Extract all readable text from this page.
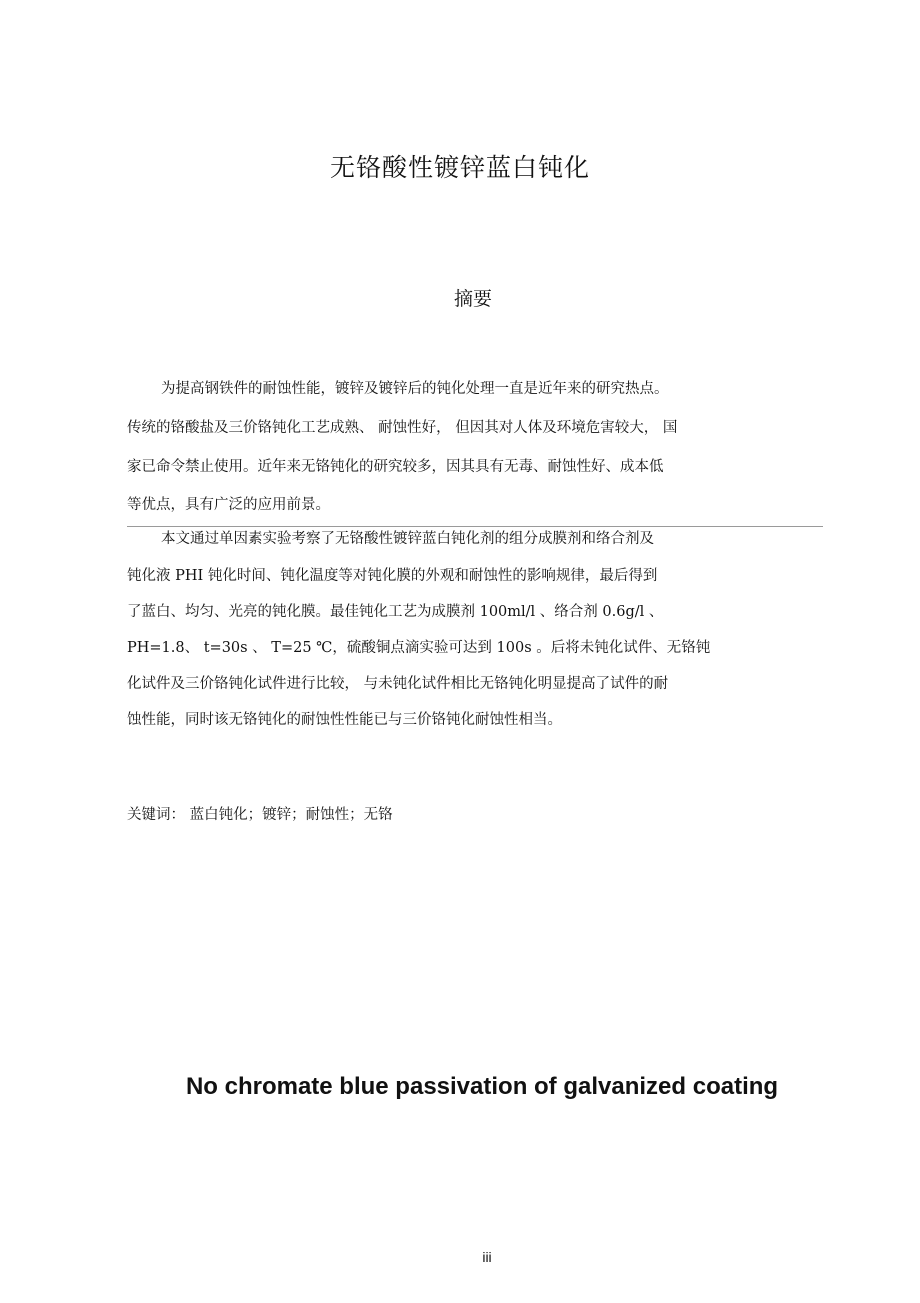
无铬酸性镀锌蓝白钝化
摘要
为提高钢铁件的耐蚀性能，镀锌及镀锌后的钝化处理一直是近年来的研究热点。
传统的铬酸盐及三价铬钝化工艺成熟、 耐蚀性好， 但因其对人体及环境危害较大， 国
家已命令禁止使用。近年来无铬钝化的研究较多，因其具有无毒、耐蚀性好、成本低
等优点，具有广泛的应用前景。
本文通过单因素实验考察了无铬酸性镀锌蓝白钝化剂的组分成膜剂和络合剂及
钝化液 PHI 钝化时间、钝化温度等对钝化膜的外观和耐蚀性的影响规律，最后得到
了蓝白、均匀、光亮的钝化膜。最佳钝化工艺为成膜剂 100ml/l 、络合剂 0.6g/l 、
PH=1.8、 t=30s 、 T=25 ℃，硫酸铜点滴实验可达到 100s 。后将未钝化试件、无铬钝
化试件及三价铬钝化试件进行比较， 与未钝化试件相比无铬钝化明显提高了试件的耐
蚀性能，同时该无铬钝化的耐蚀性性能已与三价铬钝化耐蚀性相当。
关键词： 蓝白钝化；镀锌；耐蚀性；无铬
No chromate blue passivation of galvanized coating
iii
